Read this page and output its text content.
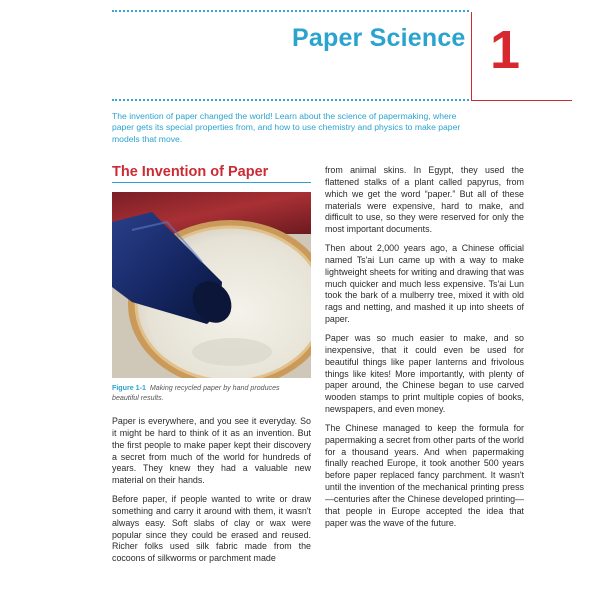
Paper Science 1

The invention of paper changed the world! Learn about the science of papermaking, where paper gets its special properties from, and how to use chemistry and physics to make paper models that move.

The Invention of Paper

Figure 1-1 Making recycled paper by hand produces beautiful results.

Paper is everywhere, and you see it everyday. So it might be hard to think of it as an invention. But the first people to make paper kept their discovery a secret from much of the world for hundreds of years. They knew they had a valuable new material on their hands.

Before paper, if people wanted to write or draw something and carry it around with them, it wasn't always easy. Soft slabs of clay or wax were popular since they could be erased and reused. Richer folks used silk fabric made from the cocoons of silkworms or parchment made

from animal skins. In Egypt, they used the flattened stalks of a plant called papyrus, from which we get the word “paper.” But all of these materials were expensive, hard to make, and difficult to use, so they were reserved for only the most important documents.

Then about 2,000 years ago, a Chinese official named Ts'ai Lun came up with a way to make lightweight sheets for writing and drawing that was much quicker and much less expensive. Ts'ai Lun took the bark of a mulberry tree, mixed it with old rags and netting, and mashed it up into sheets of paper.

Paper was so much easier to make, and so inexpensive, that it could even be used for beautiful things like paper lanterns and frivolous things like kites! More importantly, with plenty of paper around, the Chinese began to use carved wooden stamps to print multiple copies of books, newspapers, and even money.

The Chinese managed to keep the formula for papermaking a secret from other parts of the world for a thousand years. And when papermaking finally reached Europe, it took another 500 years before paper replaced fancy parchment. It wasn't until the invention of the mechanical printing press—centuries after the Chinese developed printing—that people in Europe accepted the idea that paper was the wave of the future.
